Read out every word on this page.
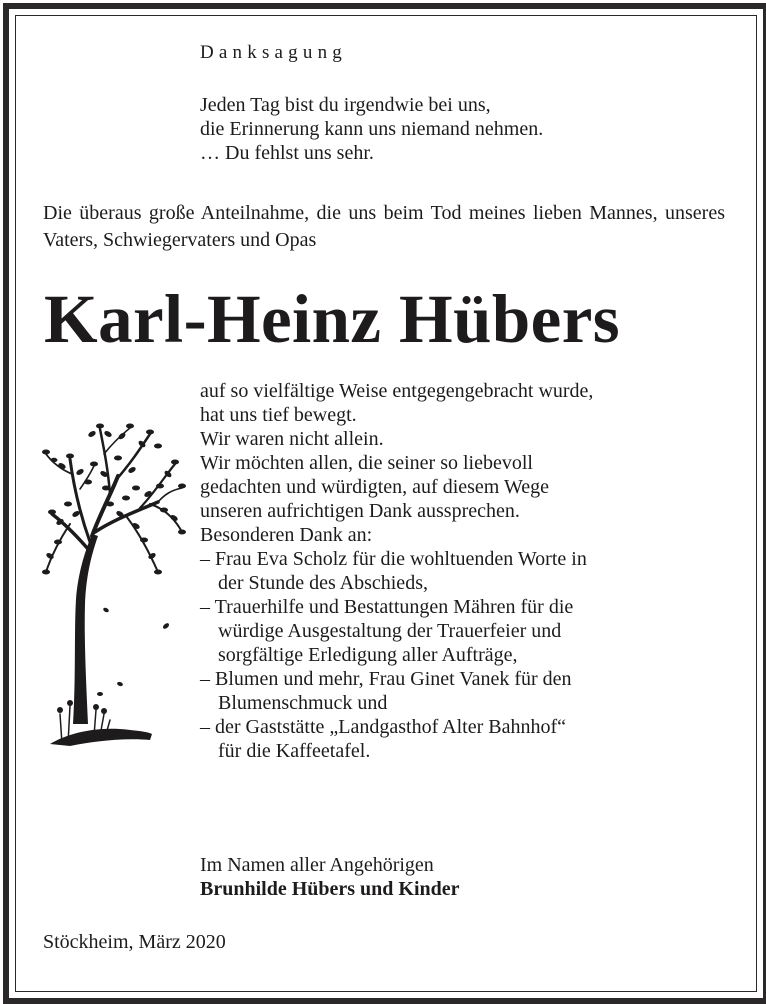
Danksagung
Jeden Tag bist du irgendwie bei uns,
die Erinnerung kann uns niemand nehmen.
… Du fehlst uns sehr.
Die überaus große Anteilnahme, die uns beim Tod meines lieben Mannes, unseres Vaters, Schwiegervaters und Opas
Karl-Heinz Hübers
auf so vielfältige Weise entgegengebracht wurde,
hat uns tief bewegt.
Wir waren nicht allein.
Wir möchten allen, die seiner so liebevoll
gedachten und würdigten, auf diesem Wege
unseren aufrichtigen Dank aussprechen.
Besonderen Dank an:
– Frau Eva Scholz für die wohltuenden Worte in
der Stunde des Abschieds,
– Trauerhilfe und Bestattungen Mähren für die
würdige Ausgestaltung der Trauerfeier und
sorgfältige Erledigung aller Aufträge,
– Blumen und mehr, Frau Ginet Vanek für den
Blumenschmuck und
– der Gaststätte „Landgasthof Alter Bahnhof“
für die Kaffeetafel.
Im Namen aller Angehörigen
Brunhilde Hübers und Kinder
Stöckheim, März 2020
